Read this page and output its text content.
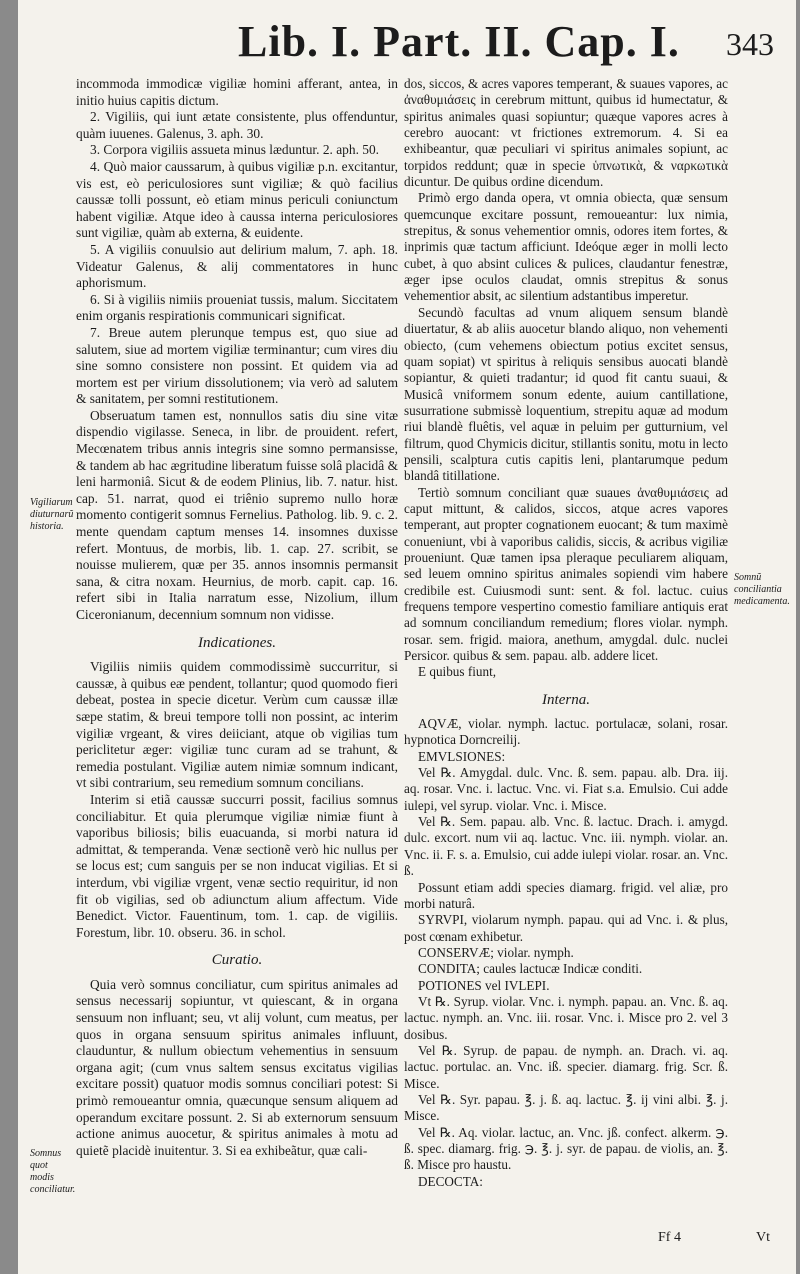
Lib. I. Part. II. Cap. I. 343

incommoda immodicæ vigiliæ homini afferant, antea, in initio huius capitis dictum.

2. Vigiliis, qui iunt ætate consistente, plus offenduntur, quàm iuuenes. Galenus, 3. aph. 30.

3. Corpora vigiliis assueta minus læduntur. 2. aph. 50.

4. Quò maior caussarum, à quibus vigiliæ p.n. excitantur, vis est, eò periculosiores sunt vigiliæ; & quò facilius caussæ tolli possunt, eò etiam minus periculi coniunctum habent vigiliæ. Atque ideo à caussa interna periculosiores sunt vigiliæ, quàm ab externa, & euidente.

5. A vigiliis conuulsio aut delirium malum, 7. aph. 18. Videatur Galenus, & alij commentatores in hunc aphorismum.

6. Si à vigiliis nimiis proueniat tussis, malum. Siccitatem enim organis respirationis communicari significat.

7. Breue autem plerunque tempus est, quo siue ad salutem, siue ad mortem vigiliæ terminantur; cum vires diu sine somno consistere non possint. Et quidem via ad mortem est per virium dissolutionem; via verò ad salutem & sanitatem, per somni restitutionem.

Obseruatum tamen est, nonnullos satis diu sine vitæ dispendio vigilasse. Seneca, in libr. de prouident. refert, Mecœnatem tribus annis integris sine somno permansisse, & tandem ab hac ægritudine liberatum fuisse solâ placidâ & leni harmoniâ. Sicut & de eodem Plinius, lib. 7. natur. hist. cap. 51. narrat, quod ei triênio supremo nullo horæ momento contigerit somnus Fernelius. Patholog. lib. 9. c. 2. mente quendam captum menses 14. insomnes duxisse refert. Montuus, de morbis, lib. 1. cap. 27. scribit, se nouisse mulierem, quæ per 35. annos insomnis permansit sana, & citra noxam. Heurnius, de morb. capit. cap. 16. refert sibi in Italia narratum esse, Nizolium, illum Ciceronianum, decennium somnum non vidisse.

Indicationes.

Vigiliis nimiis quidem commodissimè succurritur, si caussæ, à quibus eæ pendent, tollantur; quod quomodo fieri debeat, postea in specie dicetur. Verùm cum caussæ illæ sæpe statim, & breui tempore tolli non possint, ac interim vigiliæ vrgeant, & vires deiiciant, atque ob vigilias tum periclitetur æger: vigiliæ tunc curam ad se trahunt, & remedia postulant. Vigiliæ autem nimiæ somnum indicant, vt sibi contrarium, seu remedium somnum concilians.

Interim si etiã caussæ succurri possit, facilius somnus conciliabitur. Et quia plerumque vigiliæ nimiæ fiunt à vaporibus biliosis; bilis euacuanda, si morbi natura id admittat, & temperanda. Venæ sectionẽ verò hic nullus per se locus est; cum sanguis per se non inducat vigilias. Et si interdum, vbi vigiliæ vrgent, venæ sectio requiritur, id non fit ob vigilias, sed ob adiunctum alium affectum. Vide Benedict. Victor. Fauentinum, tom. 1. cap. de vigiliis. Forestum, libr. 10. obseru. 36. in schol.

Curatio.

Quia verò somnus conciliatur, cum spiritus animales ad sensus necessarij sopiuntur, vt quiescant, & in organa sensuum non influant; seu, vt alij volunt, cum meatus, per quos in organa sensuum spiritus animales influunt, clauduntur, & nullum obiectum vehementius in sensuum organa agit; (cum vnus saltem sensus excitatus vigilias excitare possit) quatuor modis somnus conciliari potest: Si primò remoueantur omnia, quæcunque sensum aliquem ad operandum excitare possunt. 2. Si ab externorum sensuum actione animus auocetur, & spiritus animales à motu ad quietẽ placidè inuitentur. 3. Si ea exhibeãtur, quæ cali-

dos, siccos, & acres vapores temperant, & suaues vapores, ac ἀναθυμιάσεις in cerebrum mittunt, quibus id humectatur, & spiritus animales quasi sopiuntur; quæque vapores acres à cerebro auocant: vt frictiones extremorum. 4. Si ea exhibeantur, quæ peculiari vi spiritus animales sopiunt, ac torpidos reddunt; quæ in specie ὑπνωτικὰ, & ναρκωτικὰ dicuntur. De quibus ordine dicendum.

Primò ergo danda opera, vt omnia obiecta, quæ sensum quemcunque excitare possunt, remoueantur: lux nimia, strepitus, & sonus vehementior omnis, odores item fortes, & inprimis quæ tactum afficiunt. Ideóque æger in molli lecto cubet, à quo absint culices & pulices, claudantur fenestræ, æger ipse oculos claudat, omnis strepitus & sonus vehementior absit, ac silentium adstantibus imperetur.

Secundò facultas ad vnum aliquem sensum blandè diuertatur, & ab aliis auocetur blando aliquo, non vehementi obiecto, (cum vehemens obiectum potius excitet sensus, quam sopiat) vt spiritus à reliquis sensibus auocati blandè sopiantur, & quieti tradantur; id quod fit cantu suaui, & Musicâ vniformem sonum edente, auium cantillatione, susurratione submissè loquentium, strepitu aquæ ad modum riui blandè fluêtis, vel aquæ in peluim per gutturnium, vel filtrum, quod Chymicis dicitur, stillantis sonitu, motu in lecto pensili, scalptura cutis capitis leni, plantarumque pedum blandâ titillatione.

Tertiò somnum conciliant quæ suaues ἀναθυμιάσεις ad caput mittunt, & calidos, siccos, atque acres vapores temperant, aut propter cognationem euocant; & tum maximè conueniunt, vbi à vaporibus calidis, siccis, & acribus vigiliæ proueniunt. Quæ tamen ipsa pleraque peculiarem aliquam, sed leuem omnino spiritus animales sopiendi vim habere credibile est. Cuiusmodi sunt: sent. & fol. lactuc. cuius frequens tempore vespertino comestio familiare antiquis erat ad somnum conciliandum remedium; flores violar. nymph. rosar. sem. frigid. maiora, anethum, amygdal. dulc. nuclei Persicor. quibus & sem. papau. alb. addere licet.

E quibus fiunt,

Interna.

AQVÆ, violar. nymph. lactuc. portulacæ, solani, rosar. hypnotica Dorncreilij.

EMVLSIONES:

Vel ℞. Amygdal. dulc. Vnc. ß. sem. papau. alb. Dra. iij. aq. rosar. Vnc. i. lactuc. Vnc. vi. Fiat s.a. Emulsio. Cui adde iulepi, vel syrup. violar. Vnc. i. Misce.

Vel ℞. Sem. papau. alb. Vnc. ß. lactuc. Drach. i. amygd. dulc. excort. num vii aq. lactuc. Vnc. iii. nymph. violar. an. Vnc. ii. F. s. a. Emulsio, cui adde iulepi violar. rosar. an. Vnc. ß.

Possunt etiam addi species diamarg. frigid. vel aliæ, pro morbi naturâ.

SYRVPI, violarum nymph. papau. qui ad Vnc. i. & plus, post cœnam exhibetur.

CONSERVÆ; violar. nymph.

CONDITA; caules lactucæ Indicæ conditi.

POTIONES vel IVLEPI.

Vt ℞. Syrup. violar. Vnc. i. nymph. papau. an. Vnc. ß. aq. lactuc. nymph. an. Vnc. iii. rosar. Vnc. i. Misce pro 2. vel 3 dosibus.

Vel ℞. Syrup. de papau. de nymph. an. Drach. vi. aq. lactuc. portulac. an. Vnc. iß. specier. diamarg. frig. Scr. ß. Misce.

Vel ℞. Syr. papau. ℥. j. ß. aq. lactuc. ℥. ij vini albi. ℥. j. Misce.

Vel ℞. Aq. violar. lactuc, an. Vnc. jß. confect. alkerm. ℈. ß. spec. diamarg. frig. ℈. ℥. j. syr. de papau. de violis, an. ℥. ß. Misce pro haustu.

DECOCTA:

Vigiliarum diuturnarũ historia.
Somnũ conciliantia medicamenta.
Somnus quot modis conciliatur.
Ff 4	Vt
